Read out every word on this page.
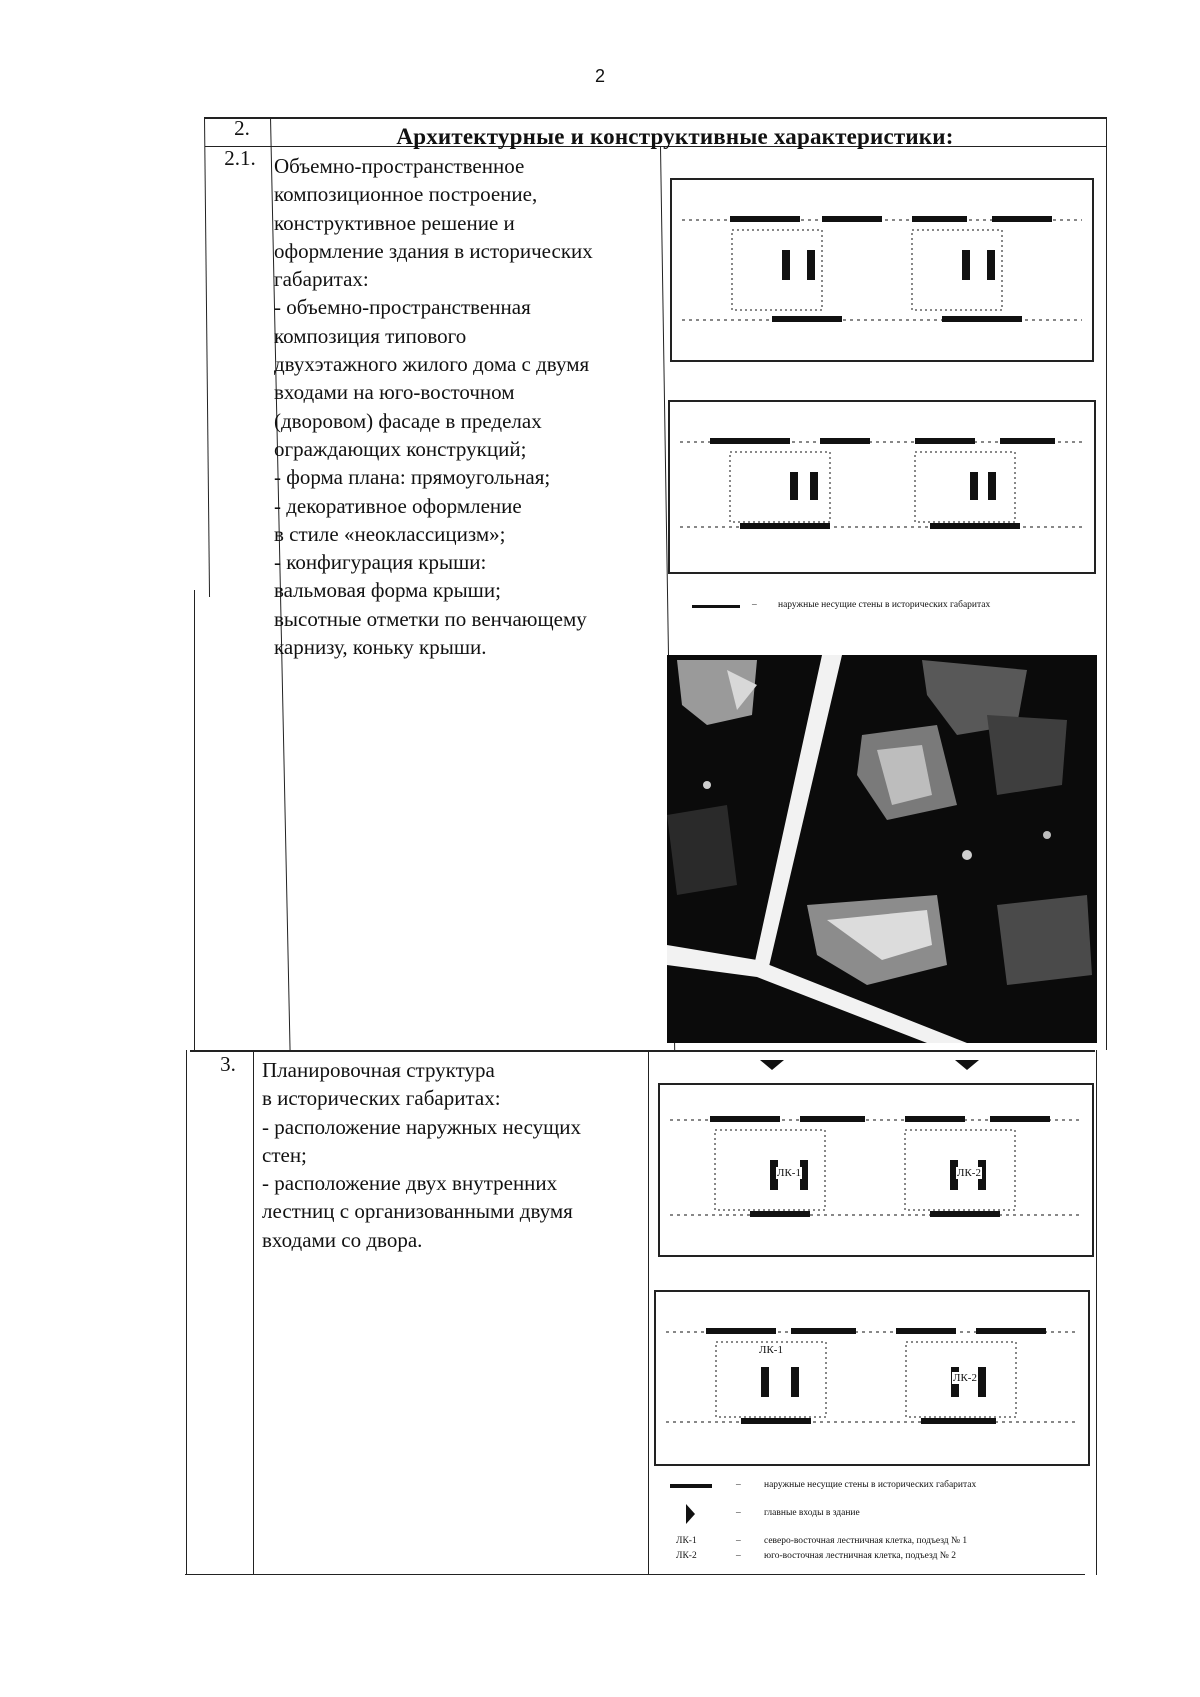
2
2.	Архитектурные и конструктивные характеристики:
2.1. Объемно-пространственное
композиционное построение,
конструктивное решение и
оформление здания в исторических
габаритах:
- объемно-пространственная
композиция типового
двухэтажного жилого дома с двумя
входами на юго-восточном
(дворовом) фасаде в пределах
ограждающих конструкций;
- форма плана: прямоугольная;
- декоративное оформление
в стиле «неоклассицизм»;
- конфигурация крыши:
вальмовая форма крыши;
высотные отметки по венчающему
карнизу, коньку крыши.
– наружные несущие стены в исторических габаритах
3.	Планировочная структура
в исторических габаритах:
- расположение наружных несущих
стен;
- расположение двух внутренних
лестниц с организованными двумя
входами со двора.
ЛК-1	ЛК-2
ЛК-1
ЛК-2
– наружные несущие стены в исторических габаритах
– главные входы в здание
ЛК-1	– северо-восточная лестничная клетка, подъезд № 1
ЛК-2	– юго-восточная лестничная клетка, подъезд № 2
